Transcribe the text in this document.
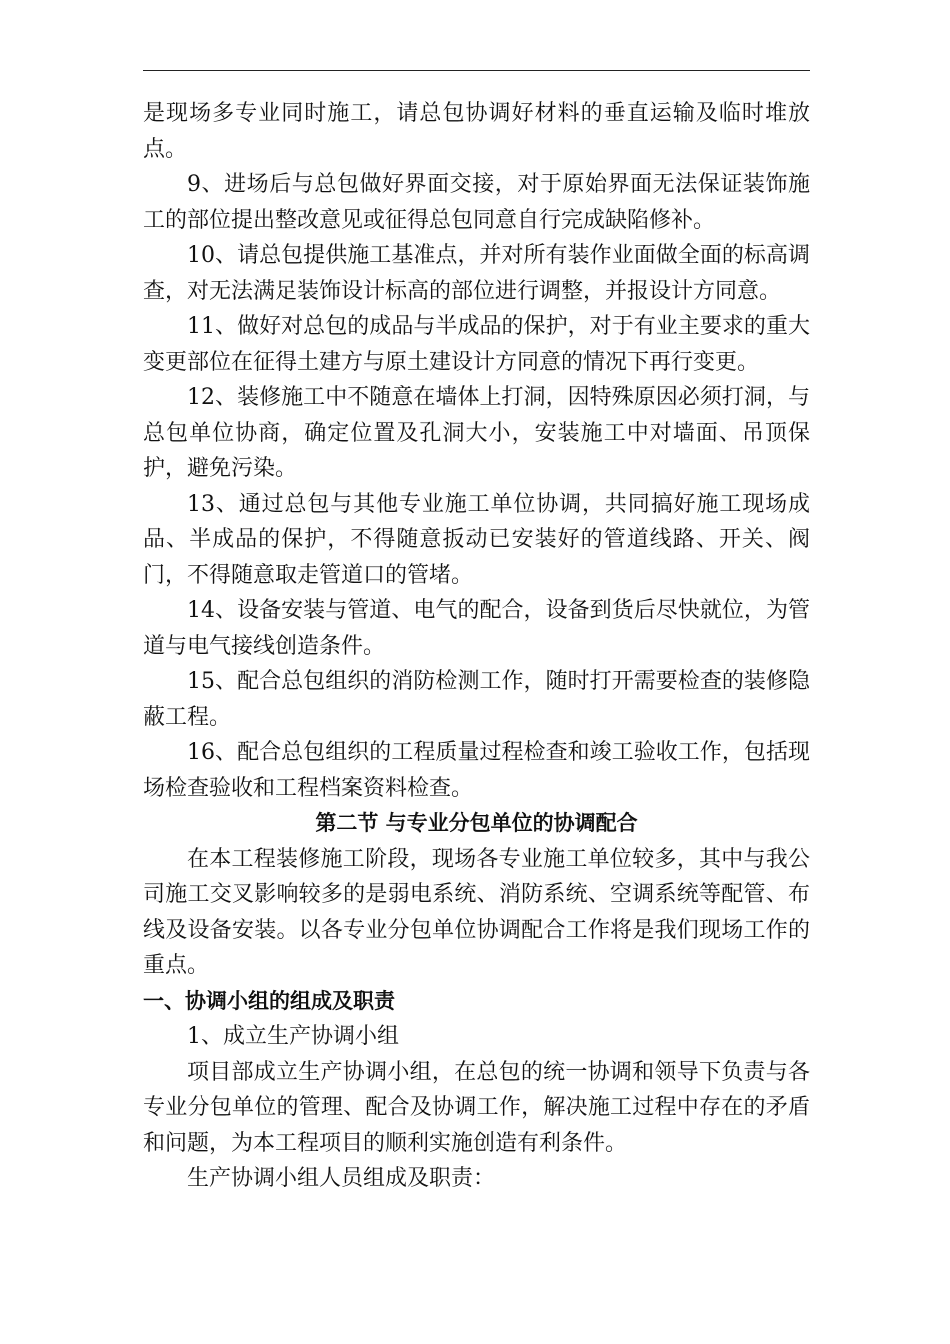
是现场多专业同时施工，请总包协调好材料的垂直运输及临时堆放点。

9、进场后与总包做好界面交接，对于原始界面无法保证装饰施工的部位提出整改意见或征得总包同意自行完成缺陷修补。

10、请总包提供施工基准点，并对所有装作业面做全面的标高调查，对无法满足装饰设计标高的部位进行调整，并报设计方同意。

11、做好对总包的成品与半成品的保护，对于有业主要求的重大变更部位在征得土建方与原土建设计方同意的情况下再行变更。

12、装修施工中不随意在墙体上打洞，因特殊原因必须打洞，与总包单位协商，确定位置及孔洞大小，安装施工中对墙面、吊顶保护，避免污染。

13、通过总包与其他专业施工单位协调，共同搞好施工现场成品、半成品的保护，不得随意扳动已安装好的管道线路、开关、阀门，不得随意取走管道口的管堵。

14、设备安装与管道、电气的配合，设备到货后尽快就位，为管道与电气接线创造条件。

15、配合总包组织的消防检测工作，随时打开需要检查的装修隐蔽工程。

16、配合总包组织的工程质量过程检查和竣工验收工作，包括现场检查验收和工程档案资料检查。

第二节 与专业分包单位的协调配合

在本工程装修施工阶段，现场各专业施工单位较多，其中与我公司施工交叉影响较多的是弱电系统、消防系统、空调系统等配管、布线及设备安装。以各专业分包单位协调配合工作将是我们现场工作的重点。

一、协调小组的组成及职责

1、成立生产协调小组

项目部成立生产协调小组，在总包的统一协调和领导下负责与各专业分包单位的管理、配合及协调工作，解决施工过程中存在的矛盾和问题，为本工程项目的顺利实施创造有利条件。

生产协调小组人员组成及职责：
